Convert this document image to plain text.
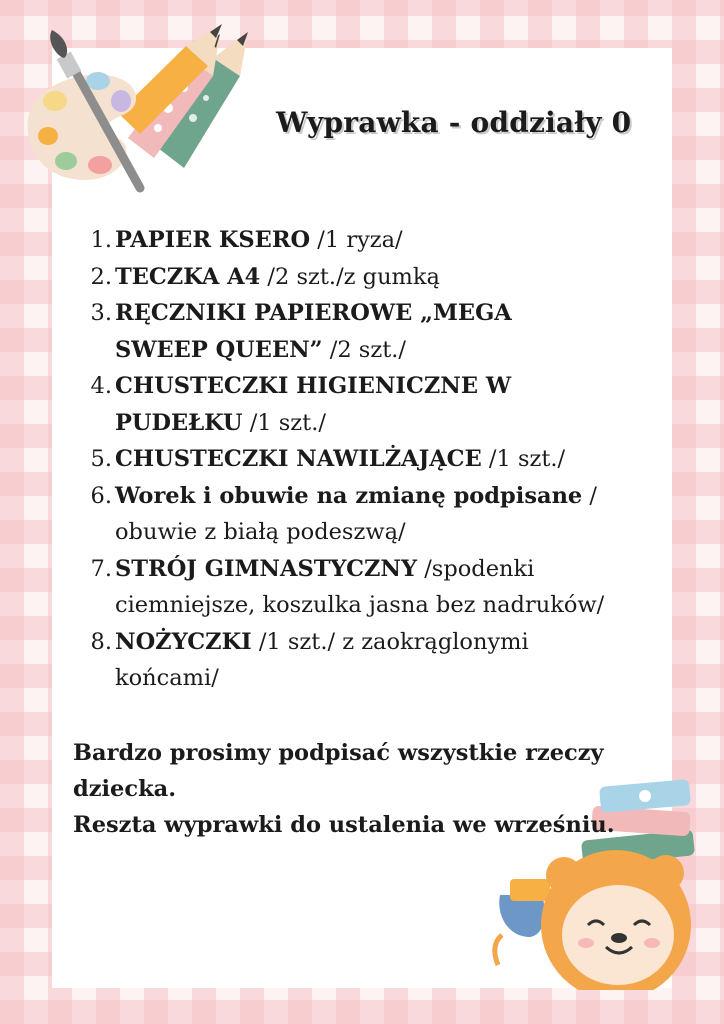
Wyprawka - oddziały 0
1. PAPIER KSERO /1 ryza/
2. TECZKA A4 /2 szt./z gumką
3. RĘCZNIKI PAPIEROWE „MEGA SWEEP QUEEN” /2 szt./
4. CHUSTECZKI HIGIENICZNE W PUDEŁKU /1 szt./
5. CHUSTECZKI NAWILŻAJĄCE /1 szt./
6. Worek i obuwie na zmianę podpisane / obuwie z białą podeszwą/
7. STRÓJ GIMNASTYCZNY /spodenki ciemniejsze, koszulka jasna bez nadruków/
8. NOŻYCZKI /1 szt./ z zaokrąglonymi końcami/

Bardzo prosimy podpisać wszystkie rzeczy dziecka.
Reszta wyprawki do ustalenia we wrześniu.
